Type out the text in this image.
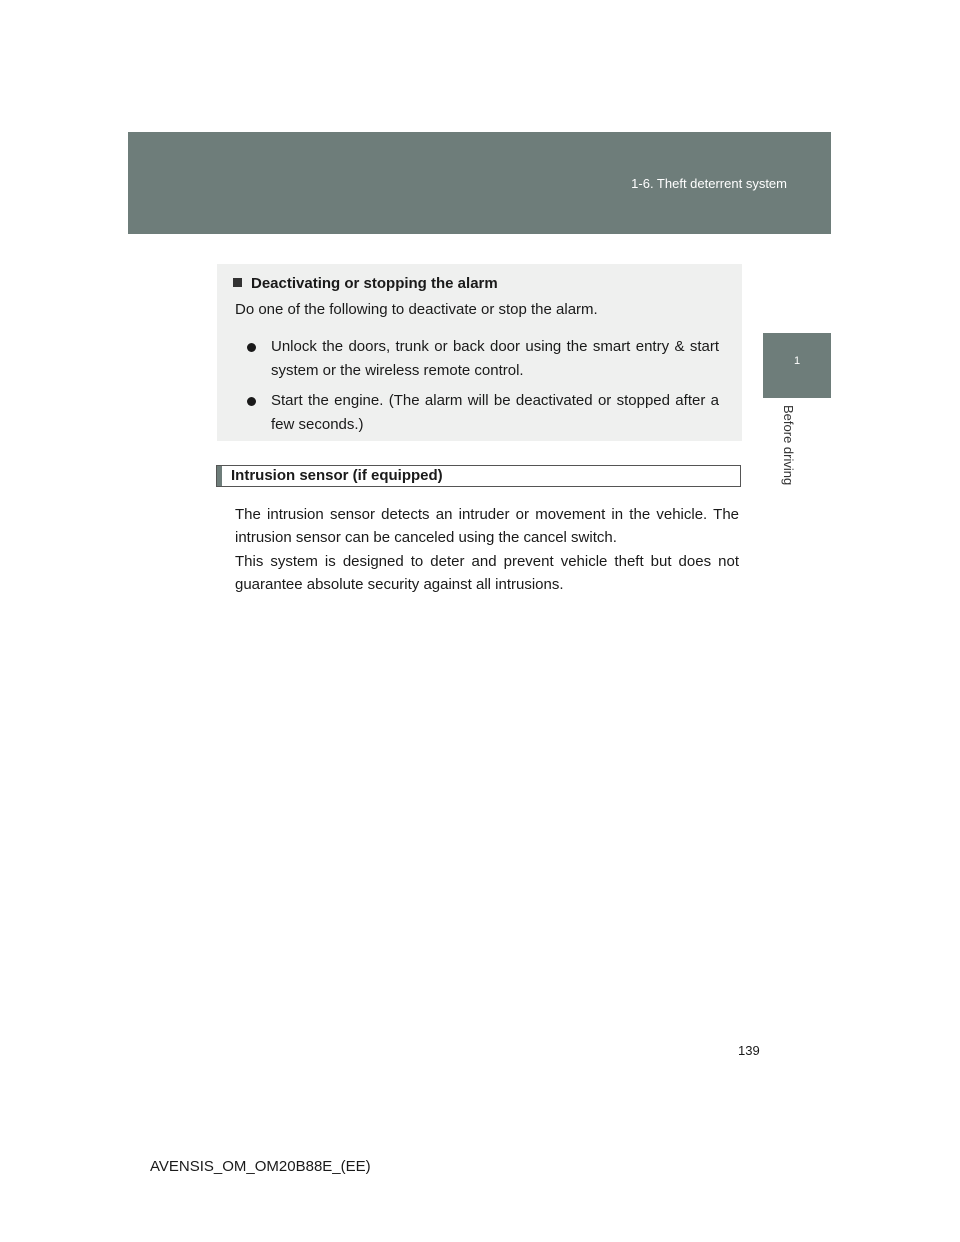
1-6. Theft deterrent system
1
Before driving
Deactivating or stopping the alarm
Do one of the following to deactivate or stop the alarm.
Unlock the doors, trunk or back door using the smart entry & start system or the wireless remote control.
Start the engine. (The alarm will be deactivated or stopped after a few seconds.)
Intrusion sensor (if equipped)
The intrusion sensor detects an intruder or movement in the vehicle. The intrusion sensor can be canceled using the cancel switch.
This system is designed to deter and prevent vehicle theft but does not guarantee absolute security against all intrusions.
139
AVENSIS_OM_OM20B88E_(EE)
